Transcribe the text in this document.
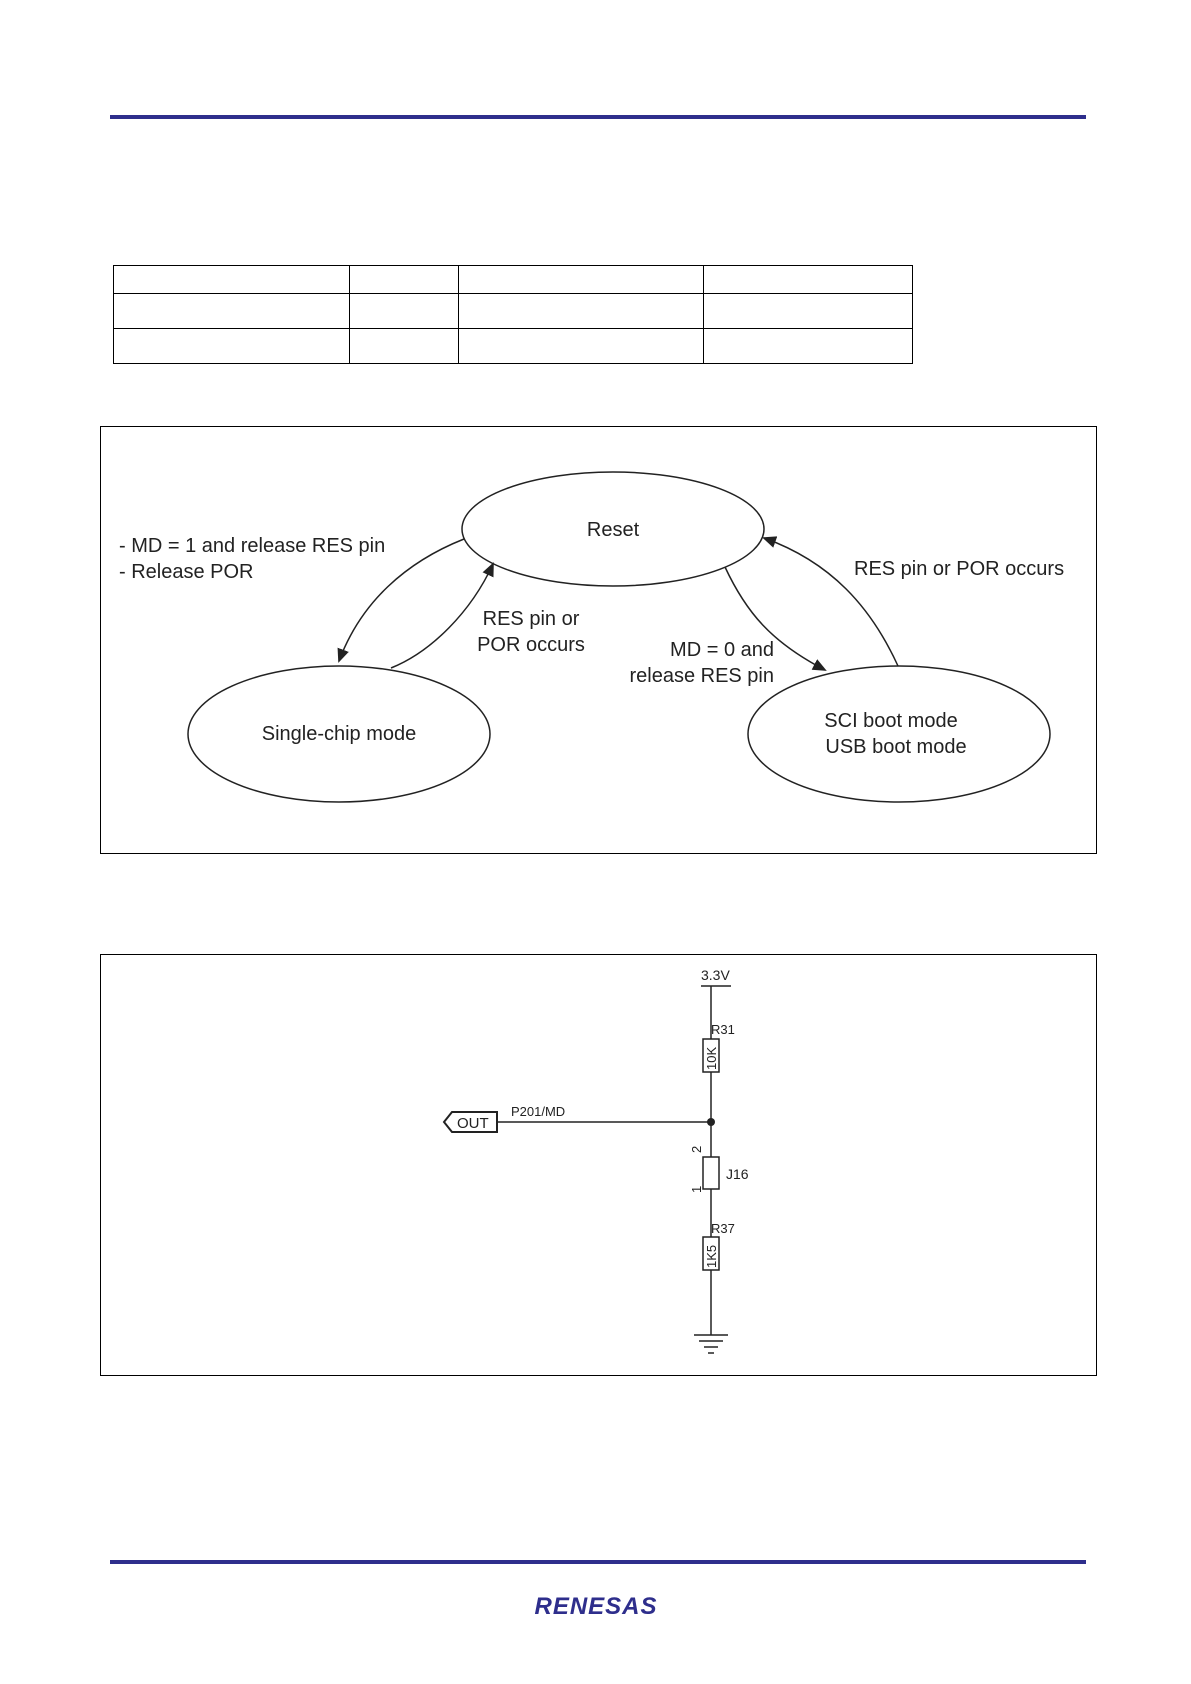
Reset
Single-chip mode
SCI boot mode
USB boot mode
- MD = 1 and release RES pin
- Release POR
RES pin or
POR occurs	MD = 0 and
release RES pin
RES pin or POR occurs
3.3V
R31
10K
P201/MD
OUT
2
1
J16
R37
1K5
RENESAS
